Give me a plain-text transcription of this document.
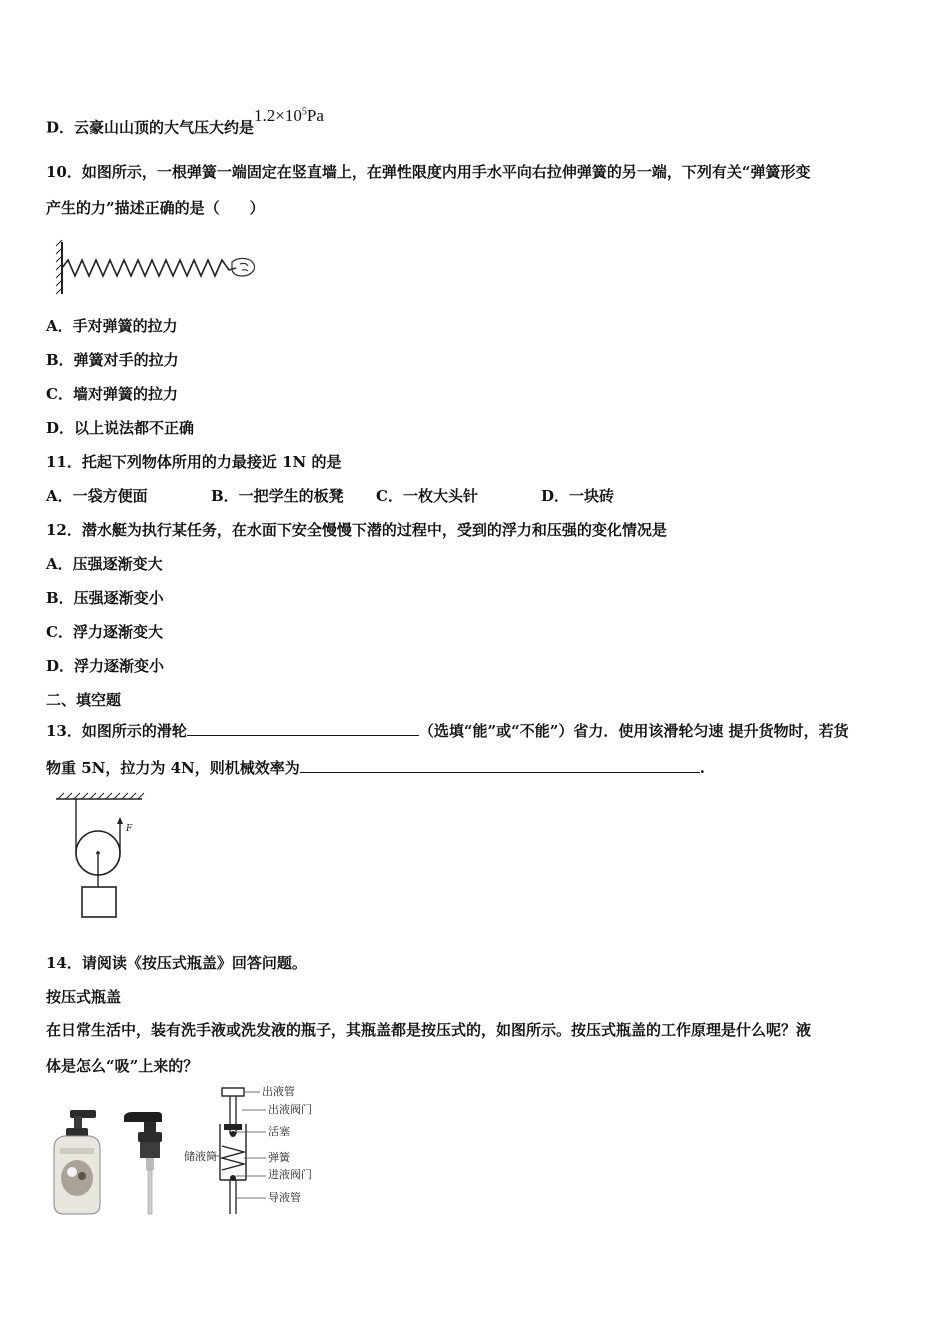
D．云豪山山顶的大气压大约是$1.2\times 10^5Pa$
10．如图所示，一根弹簧一端固定在竖直墙上，在弹性限度内用手水平向右拉伸弹簧的另一端，下列有关“弹簧形变
产生的力”描述正确的是（　　）
A．手对弹簧的拉力
B．弹簧对手的拉力
C．墙对弹簧的拉力
D．以上说法都不正确
11．托起下列物体所用的力最接近 1N 的是
A．一袋方便面	B．一把学生的板凳 C．一枚大头针	D．一块砖
12．潜水艇为执行某任务，在水面下安全慢慢下潜的过程中，受到的浮力和压强的变化情况是
A．压强逐渐变大
B．压强逐渐变小
C．浮力逐渐变大
D．浮力逐渐变小
二、填空题
13．如图所示的滑轮	（选填“能”或“不能”）省力．使用该滑轮匀速 提升货物时，若货
物重 5N，拉力为 4N，则机械效率为	.
F
14．请阅读《按压式瓶盖》回答问题。
按压式瓶盖
在日常生活中，装有洗手液或洗发液的瓶子，其瓶盖都是按压式的，如图所示。按压式瓶盖的工作原理是什么呢？液
体是怎么“吸”上来的？
出液管
出液阀门
活塞
储液筒	弹簧
进液阀门
导液管
